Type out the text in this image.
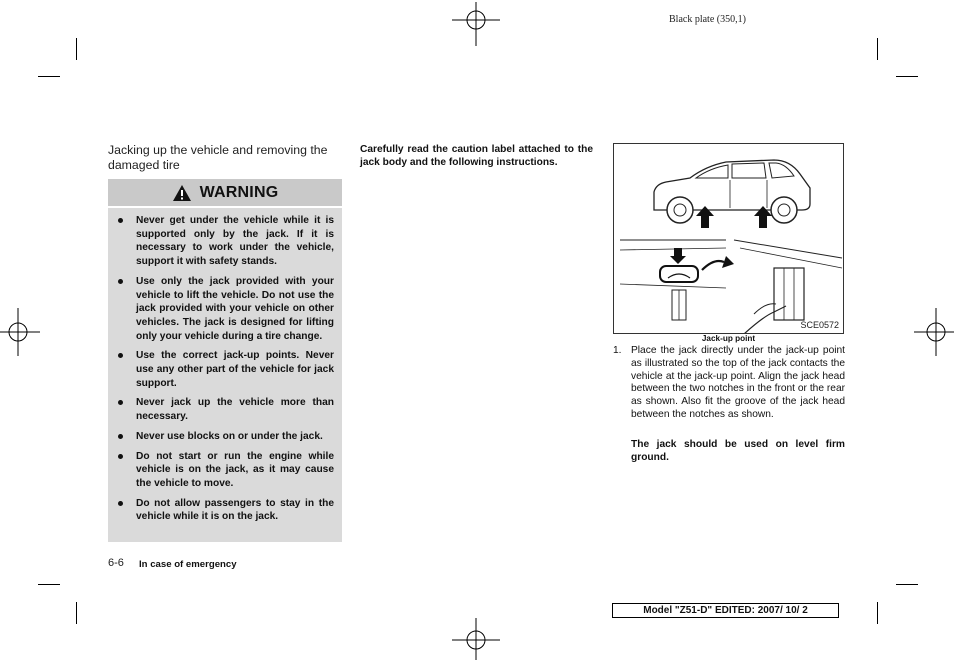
Black plate (350,1)
Jacking up the vehicle and removing the damaged tire
WARNING
Never get under the vehicle while it is supported only by the jack. If it is necessary to work under the vehicle, support it with safety stands.
Use only the jack provided with your vehicle to lift the vehicle. Do not use the jack provided with your vehicle on other vehicles. The jack is designed for lifting only your vehicle during a tire change.
Use the correct jack-up points. Never use any other part of the vehicle for jack support.
Never jack up the vehicle more than necessary.
Never use blocks on or under the jack.
Do not start or run the engine while vehicle is on the jack, as it may cause the vehicle to move.
Do not allow passengers to stay in the vehicle while it is on the jack.
Carefully read the caution label attached to the jack body and the following instructions.
SCE0572
Jack-up point
1. Place the jack directly under the jack-up point as illustrated so the top of the jack contacts the vehicle at the jack-up point. Align the jack head between the two notches in the front or the rear as shown. Also fit the groove of the jack head between the notches as shown.
The jack should be used on level firm ground.
6-6 In case of emergency
Model "Z51-D" EDITED: 2007/ 10/ 2
